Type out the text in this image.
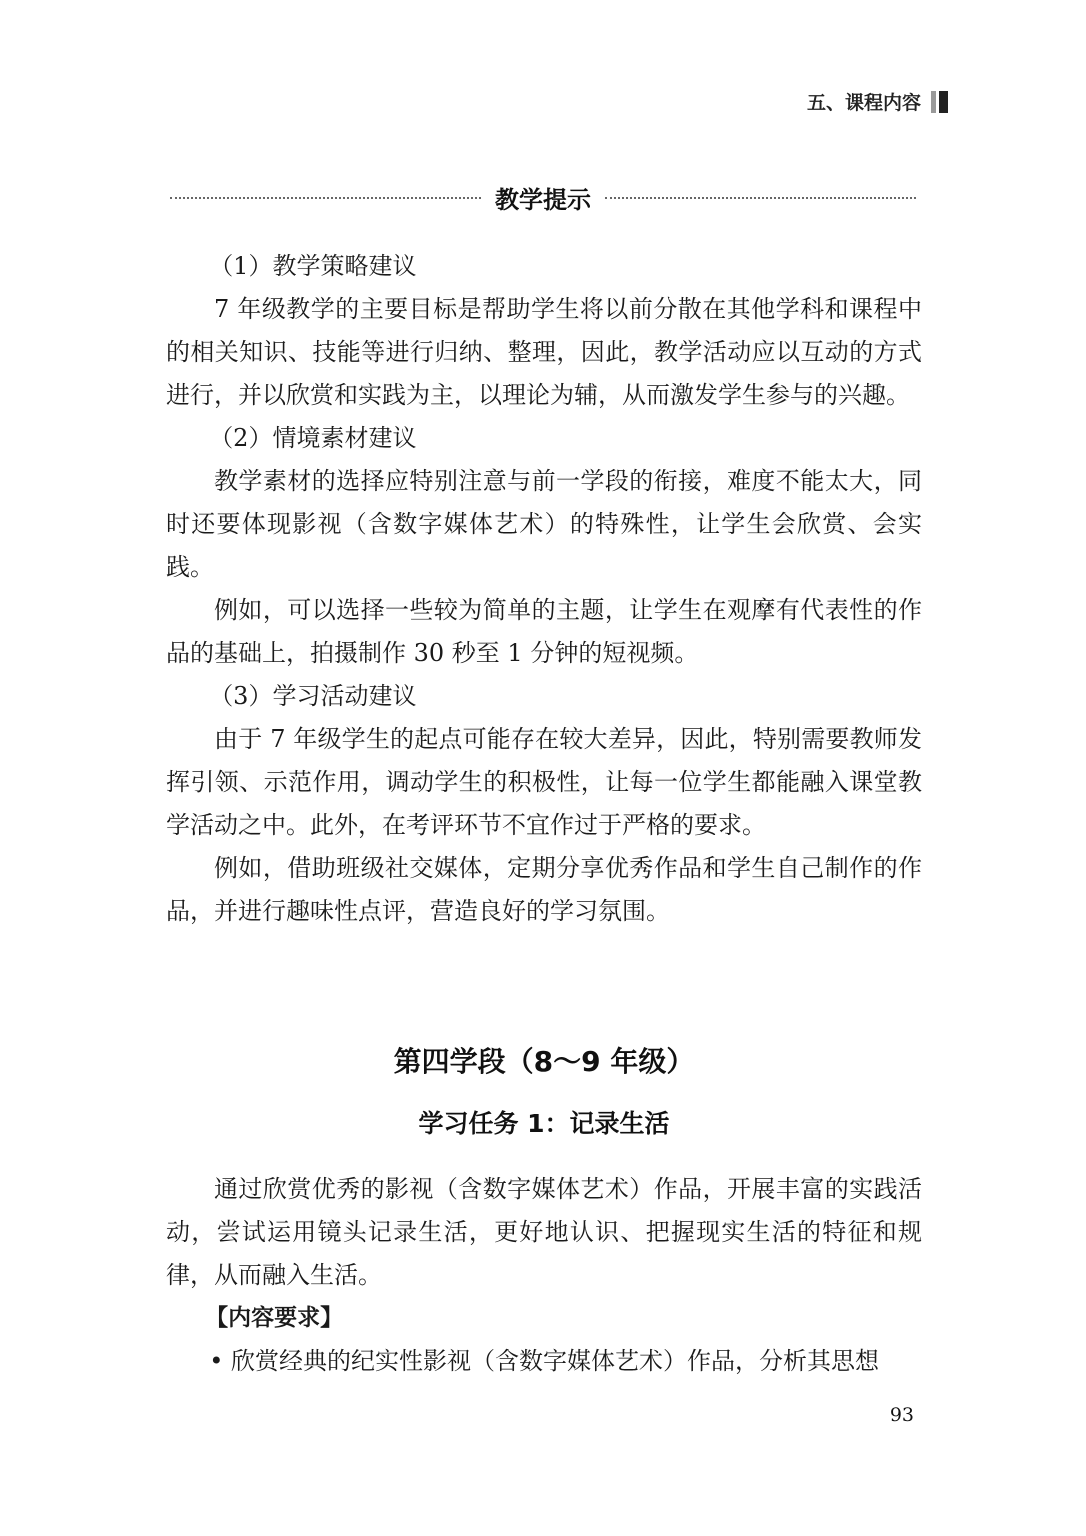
五、课程内容
教学提示

（1）教学策略建议

7 年级教学的主要目标是帮助学生将以前分散在其他学科和课程中的相关知识、技能等进行归纳、整理，因此，教学活动应以互动的方式进行，并以欣赏和实践为主，以理论为辅，从而激发学生参与的兴趣。

（2）情境素材建议

教学素材的选择应特别注意与前一学段的衔接，难度不能太大，同时还要体现影视（含数字媒体艺术）的特殊性，让学生会欣赏、会实践。

例如，可以选择一些较为简单的主题，让学生在观摩有代表性的作品的基础上，拍摄制作 30 秒至 1 分钟的短视频。

（3）学习活动建议

由于 7 年级学生的起点可能存在较大差异，因此，特别需要教师发挥引领、示范作用，调动学生的积极性，让每一位学生都能融入课堂教学活动之中。此外，在考评环节不宜作过于严格的要求。

例如，借助班级社交媒体，定期分享优秀作品和学生自己制作的作品，并进行趣味性点评，营造良好的学习氛围。

第四学段（8～9 年级）
学习任务 1：记录生活

通过欣赏优秀的影视（含数字媒体艺术）作品，开展丰富的实践活动，尝试运用镜头记录生活，更好地认识、把握现实生活的特征和规律，从而融入生活。

【内容要求】

• 欣赏经典的纪实性影视（含数字媒体艺术）作品，分析其思想

93
